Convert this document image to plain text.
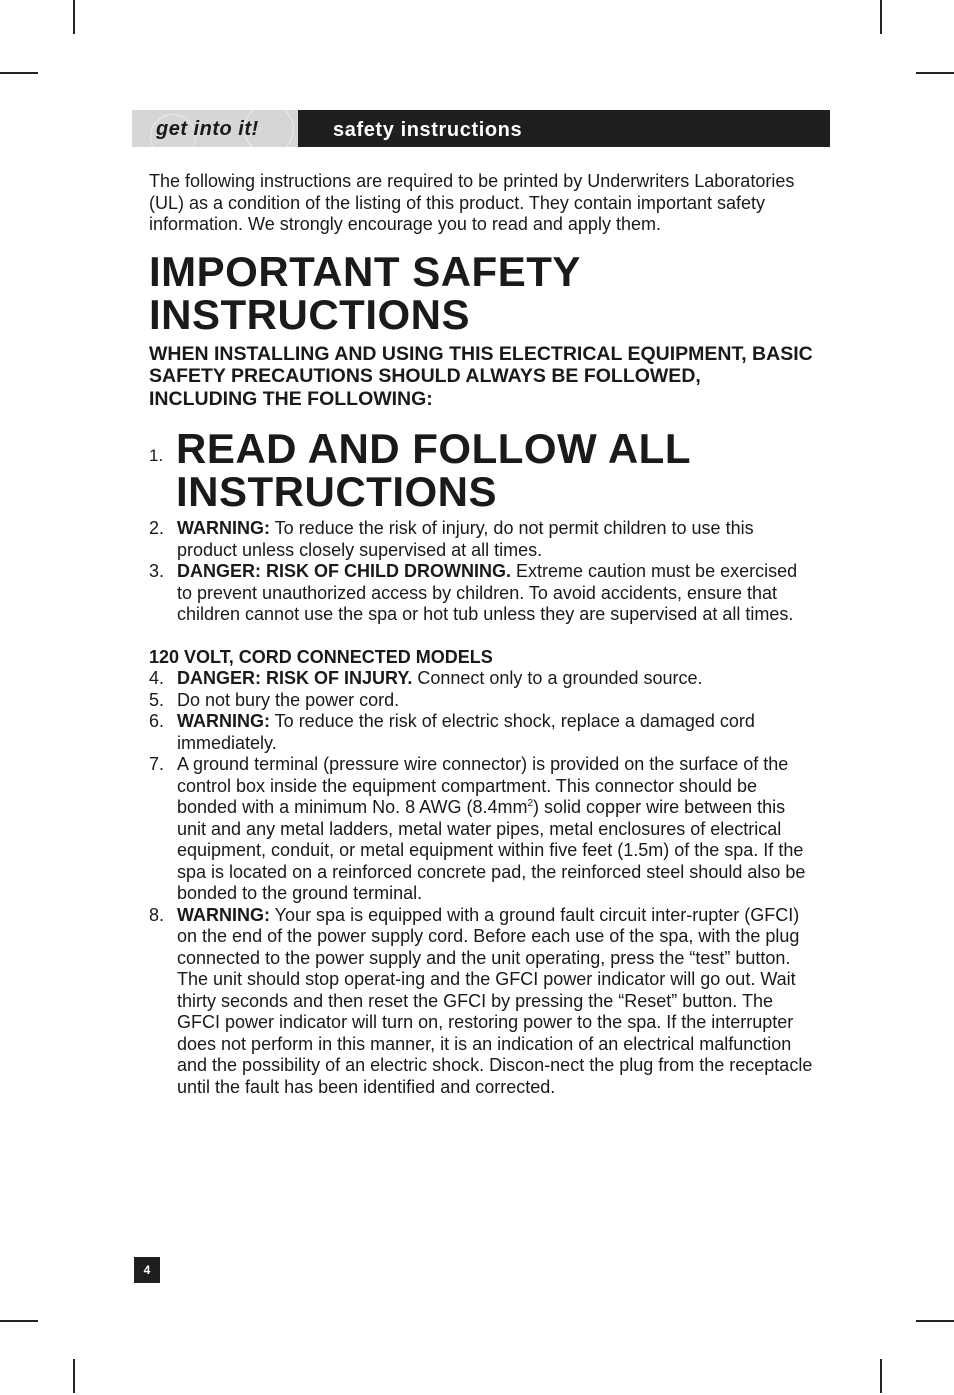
get into it!	safety instructions

The following instructions are required to be printed by Underwriters Laboratories (UL) as a condition of the listing of this product. They contain important safety information. We strongly encourage you to read and apply them.

IMPORTANT SAFETY INSTRUCTIONS

WHEN INSTALLING AND USING THIS ELECTRICAL EQUIPMENT, BASIC SAFETY PRECAUTIONS SHOULD ALWAYS BE FOLLOWED, INCLUDING THE FOLLOWING:

1. READ AND FOLLOW ALL INSTRUCTIONS
2. WARNING: To reduce the risk of injury, do not permit children to use this product unless closely supervised at all times.
3. DANGER: RISK OF CHILD DROWNING. Extreme caution must be exercised to prevent unauthorized access by children. To avoid accidents, ensure that children cannot use the spa or hot tub unless they are supervised at all times.

120 VOLT, CORD CONNECTED MODELS

4. DANGER: RISK OF INJURY. Connect only to a grounded source.
5. Do not bury the power cord.
6. WARNING: To reduce the risk of electric shock, replace a damaged cord immediately.
7. A ground terminal (pressure wire connector) is provided on the surface of the control box inside the equipment compartment. This connector should be bonded with a minimum No. 8 AWG $(8.4mm^2)$ solid copper wire between this unit and any metal ladders, metal water pipes, metal enclosures of electrical equipment, conduit, or metal equipment within five feet (1.5m) of the spa. If the spa is located on a reinforced concrete pad, the reinforced steel should also be bonded to the ground terminal.
8. WARNING: Your spa is equipped with a ground fault circuit inter-rupter (GFCI) on the end of the power supply cord. Before each use of the spa, with the plug connected to the power supply and the unit operating, press the “test” button. The unit should stop operat-ing and the GFCI power indicator will go out. Wait thirty seconds and then reset the GFCI by pressing the “Reset” button. The GFCI power indicator will turn on, restoring power to the spa. If the interrupter does not perform in this manner, it is an indication of an electrical malfunction and the possibility of an electric shock. Discon-nect the plug from the receptacle until the fault has been identified and corrected.
4
